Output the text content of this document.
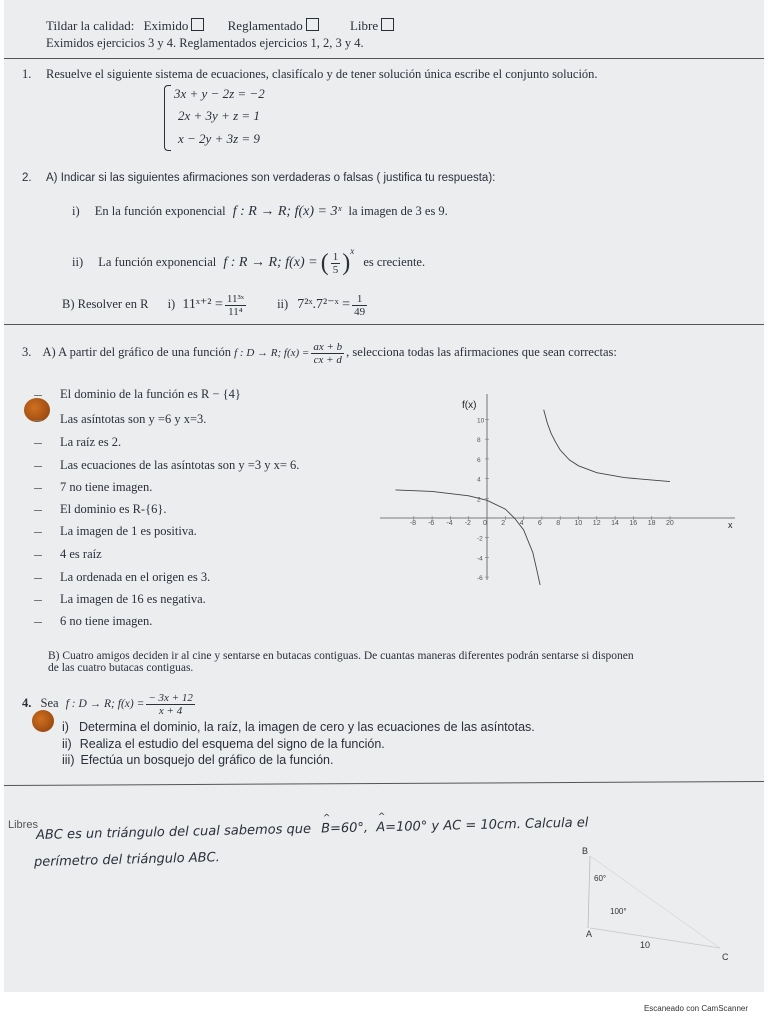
Tildar la calidad: Eximido	Reglamentado	Libre
Eximidos ejercicios 3 y 4. Reglamentados ejercicios 1, 2, 3 y 4.
1. Resuelve el siguiente sistema de ecuaciones, clasifícalo y de tener solución única escribe el conjunto solución.
3x + y − 2z = −2
2x + 3y + z = 1
x − 2y + 3z = 9
2. A) Indicar si las siguientes afirmaciones son verdaderas o falsas ( justifica tu respuesta):
i) En la función exponencial f : R → R; f(x) = 3ˣ la imagen de 3 es 9.
ii) La función exponencial f : R → R; f(x) = ( $\frac{1}{5} )^x$ es creciente.
B) Resolver en R i) 11ˣ⁺² = $\frac{\text{11³ˣ}}{\text{11⁴}} ii$) 7²ˣ.7²⁻ˣ = $\frac{1}{49}$
3. A) A partir del gráfico de una función f : D → R; $f(x) = \frac{ax + b}{cx + d}$ , selecciona todas las afirmaciones que sean correctas:
El dominio de la función es R − {4}
Las asíntotas son y =6 y x=3.
La raíz es 2.
Las ecuaciones de las asíntotas son y =3 y x= 6.
7 no tiene imagen.
El dominio es R-{6}.
La imagen de 1 es positiva.
4 es raíz
La ordenada en el origen es 3.
La imagen de 16 es negativa.
6 no tiene imagen.
-8 -6 -4 -2 0 2 4 6 8 10 12 14 16 18 20
10
8
6
4
2
-2
-4
-6
f(x)
x
B) Cuatro amigos deciden ir al cine y sentarse en butacas contiguas. De cuantas maneras diferentes podrán sentarse si disponen
de las cuatro butacas contiguas.
4. Sea f : D → R; $f(x) = \frac{- 3x + 12}{x + 4}$
i) Determina el dominio, la raíz, la imagen de cero y las ecuaciones de las asíntotas.
ii) Realiza el estudio del esquema del signo de la función.
iii) Efectúa un bosquejo del gráfico de la función.
Libres
ABC es un triángulo del cual sabemos que
^
B=60°,
^
A=100° y AC = 10cm. Calcula el
perímetro del triángulo ABC.	B
60°
100°
A
10
C
Escaneado con CamScanner
